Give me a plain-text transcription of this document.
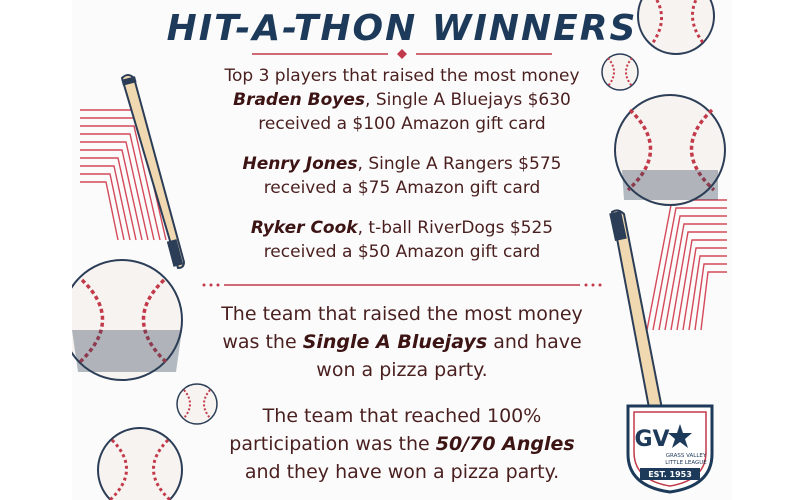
HIT-A-THON WINNERS

Top 3 players that raised the most money

Braden Boyes, Single A Bluejays $630

received a $100 Amazon gift card

Henry Jones, Single A Rangers $575

received a $75 Amazon gift card

Ryker Cook, t-ball RiverDogs $525

received a $50 Amazon gift card

The team that raised the most money

was the Single A Bluejays and have

won a pizza party.

The team that reached 100%

participation was the 50/70 Angles

and they have won a pizza party.

GV
GRASS VALLEY
LITTLE LEAGUE
EST. 1953
